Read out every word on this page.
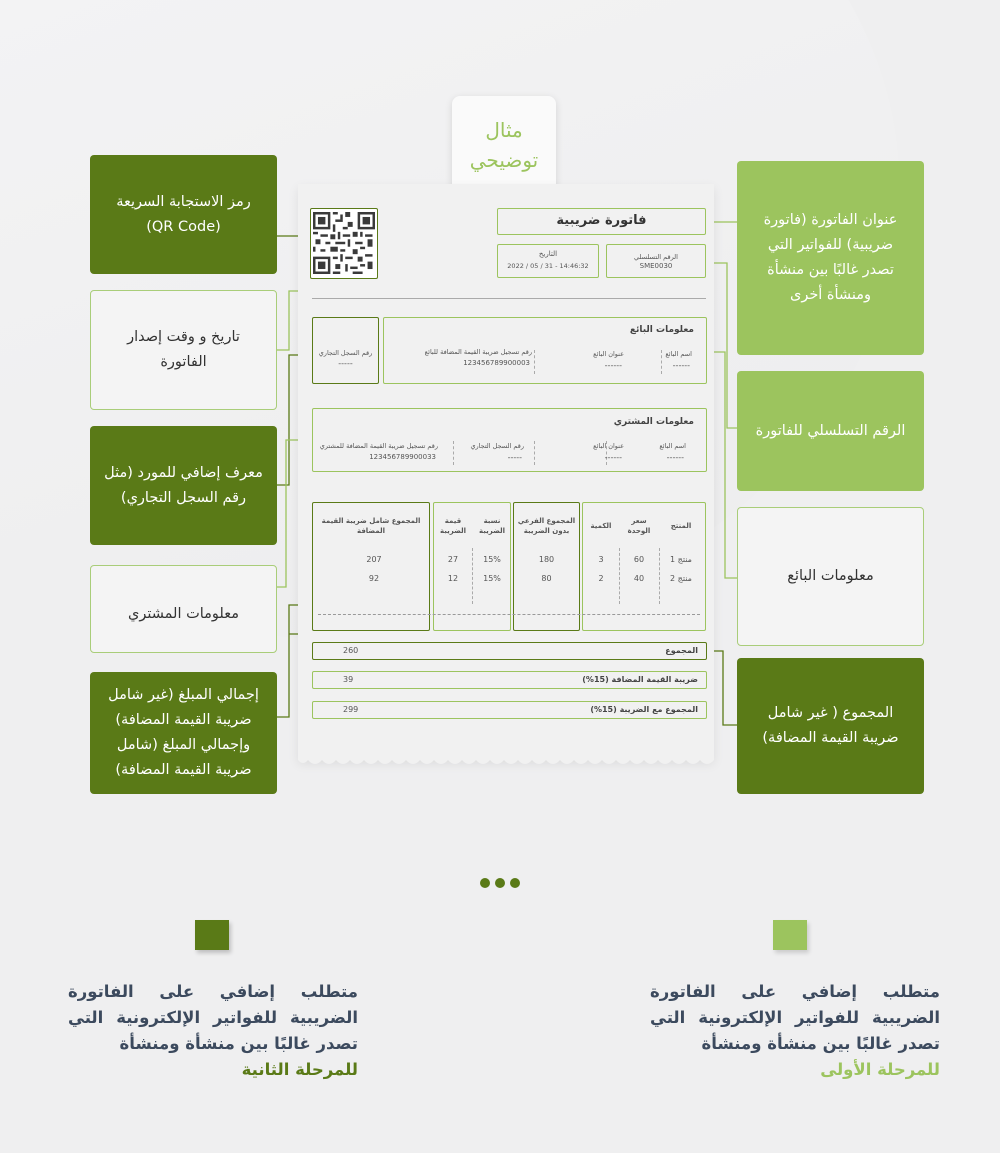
مثال
توضيحي
فاتورة ضريبية
التاريخ
2022 / 05 / 31 - 14:46:32
الرقم التسلسلي
SME0030
رقم السجل التجاري
-----
معلومات البائع
اسم البائع
------
عنوان البائع
------
رقم تسجيل ضريبة القيمة المضافة للبائع
123456789900003
معلومات المشتري
اسم البائع
------
عنوان البائع
------
رقم السجل التجاري
-----
رقم تسجيل ضريبة القيمة المضافة للمشتري
123456789900033
المنتج
سعر الوحدة
الكمية
المجموع الفرعي بدون الضريبة
نسبة الضريبة
قيمة الضريبة
المجموع شامل ضريبة القيمة المضافة
منتج 1
60
3
180
15%
27
207
منتج 2
40
2
80
15%
12
92
المجموع
260
ضريبة القيمة المضافة (15%)
39
المجموع مع الضريبة (15%)
299
رمز الاستجابة السريعة (QR Code)
تاريخ و وقت إصدار الفاتورة
معرف إضافي للمورد (مثل رقم السجل التجاري)
معلومات المشتري
إجمالي المبلغ (غير شامل ضريبة القيمة المضافة) وإجمالي المبلغ (شامل ضريبة القيمة المضافة)
عنوان الفاتورة (فاتورة ضريبية) للفواتير التي تصدر غالبًا بين منشأة ومنشأة أخرى
الرقم التسلسلي للفاتورة
معلومات البائع
المجموع ( غير شامل ضريبة القيمة المضافة)
متطلب إضافي على الفاتورة الضريبية للفواتير الإلكترونية التي تصدر غالبًا بين منشأة ومنشأة
للمرحلة الأولى
متطلب إضافي على الفاتورة الضريبية للفواتير الإلكترونية التي تصدر غالبًا بين منشأة ومنشأة
للمرحلة الثانية
